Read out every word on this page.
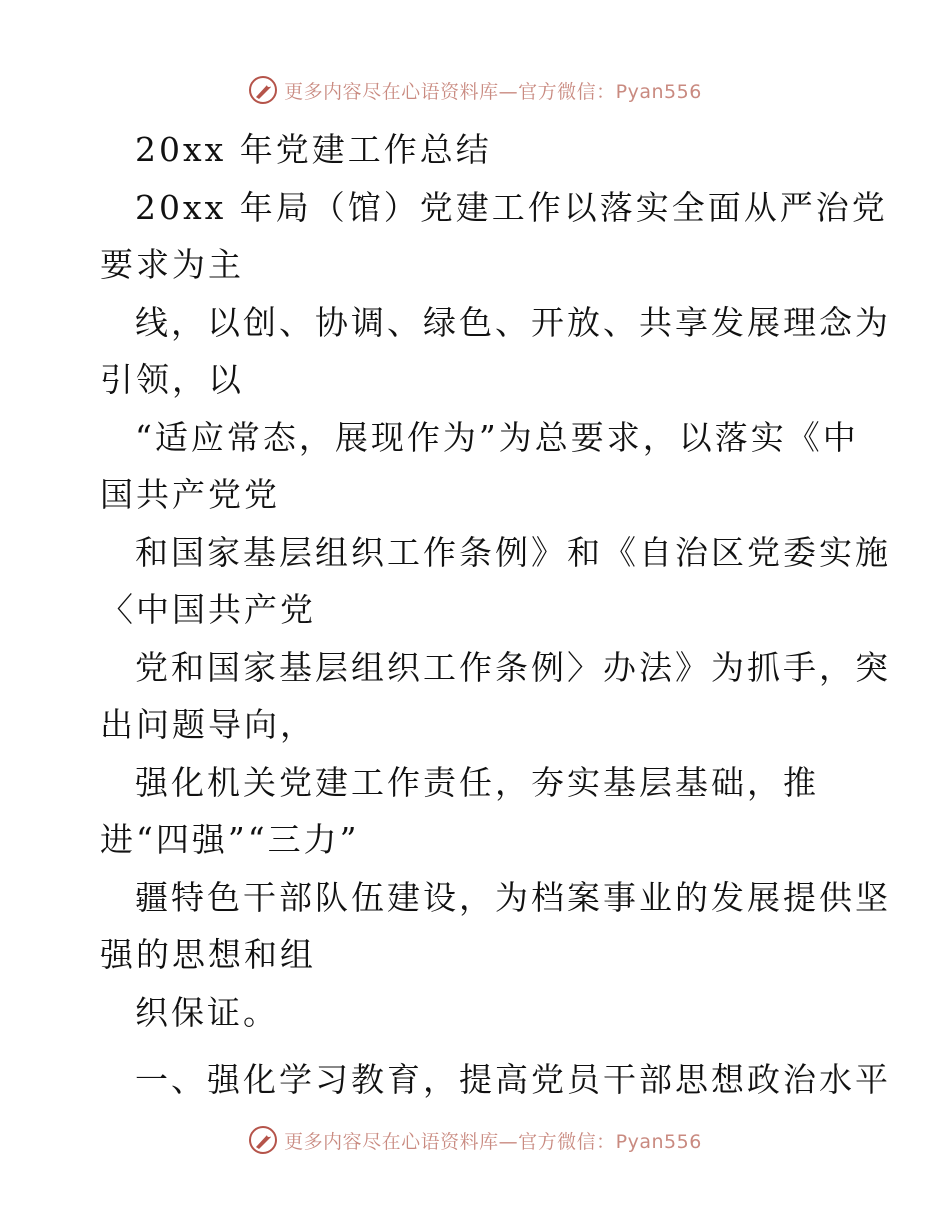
更多内容尽在心语资料库—官方微信：Pyan556
20xx 年党建工作总结
20xx 年局（馆）党建工作以落实全面从严治党
要求为主
线，以创、协调、绿色、开放、共享发展理念为
引领，以
“适应常态，展现作为”为总要求，以落实《中
国共产党党
和国家基层组织工作条例》和《自治区党委实施
〈中国共产党
党和国家基层组织工作条例〉办法》为抓手，突
出问题导向，
强化机关党建工作责任，夯实基层基础，推
进“四强”“三力”
疆特色干部队伍建设，为档案事业的发展提供坚
强的思想和组
织保证。
一、强化学习教育，提高党员干部思想政治水平
更多内容尽在心语资料库—官方微信：Pyan556
